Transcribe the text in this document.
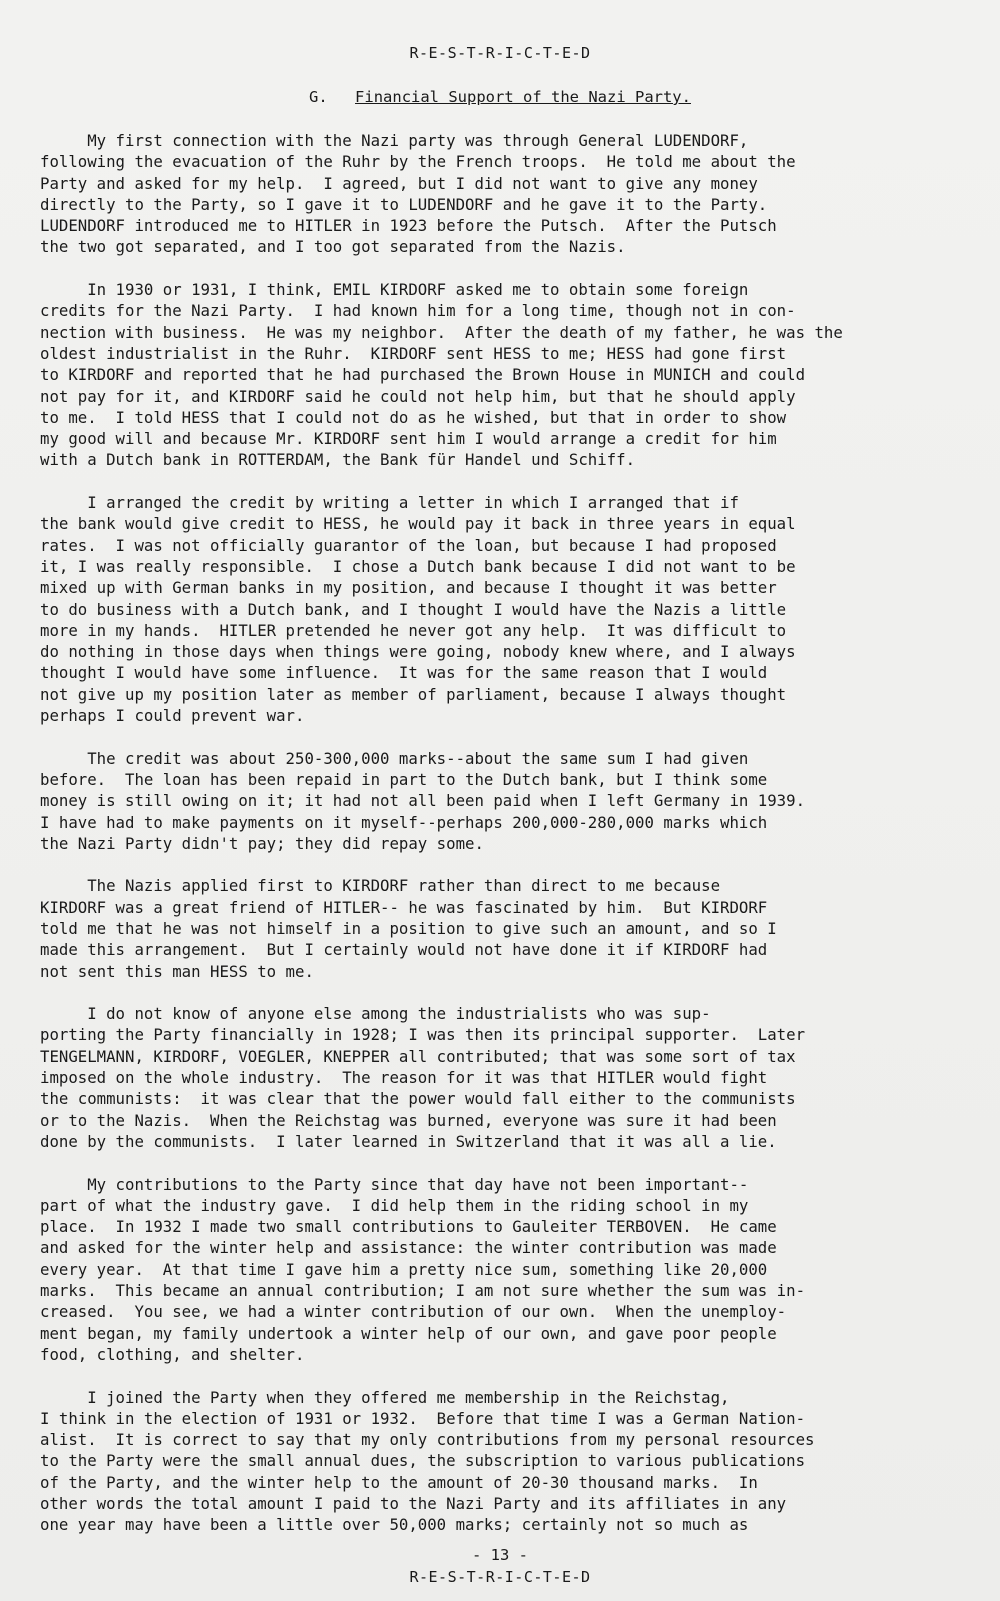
R-E-S-T-R-I-C-T-E-D
G. Financial Support of the Nazi Party.
My first connection with the Nazi party was through General LUDENDORF,
following the evacuation of the Ruhr by the French troops.  He told me about the
Party and asked for my help.  I agreed, but I did not want to give any money
directly to the Party, so I gave it to LUDENDORF and he gave it to the Party.
LUDENDORF introduced me to HITLER in 1923 before the Putsch.  After the Putsch
the two got separated, and I too got separated from the Nazis.
In 1930 or 1931, I think, EMIL KIRDORF asked me to obtain some foreign
credits for the Nazi Party.  I had known him for a long time, though not in con-
nection with business.  He was my neighbor.  After the death of my father, he was the
oldest industrialist in the Ruhr.  KIRDORF sent HESS to me; HESS had gone first
to KIRDORF and reported that he had purchased the Brown House in MUNICH and could
not pay for it, and KIRDORF said he could not help him, but that he should apply
to me.  I told HESS that I could not do as he wished, but that in order to show
my good will and because Mr. KIRDORF sent him I would arrange a credit for him
with a Dutch bank in ROTTERDAM, the Bank für Handel und Schiff.
I arranged the credit by writing a letter in which I arranged that if
the bank would give credit to HESS, he would pay it back in three years in equal
rates.  I was not officially guarantor of the loan, but because I had proposed
it, I was really responsible.  I chose a Dutch bank because I did not want to be
mixed up with German banks in my position, and because I thought it was better
to do business with a Dutch bank, and I thought I would have the Nazis a little
more in my hands.  HITLER pretended he never got any help.  It was difficult to
do nothing in those days when things were going, nobody knew where, and I always
thought I would have some influence.  It was for the same reason that I would
not give up my position later as member of parliament, because I always thought
perhaps I could prevent war.
The credit was about 250-300,000 marks--about the same sum I had given
before.  The loan has been repaid in part to the Dutch bank, but I think some
money is still owing on it; it had not all been paid when I left Germany in 1939.
I have had to make payments on it myself--perhaps 200,000-280,000 marks which
the Nazi Party didn't pay; they did repay some.
The Nazis applied first to KIRDORF rather than direct to me because
KIRDORF was a great friend of HITLER-- he was fascinated by him.  But KIRDORF
told me that he was not himself in a position to give such an amount, and so I
made this arrangement.  But I certainly would not have done it if KIRDORF had
not sent this man HESS to me.
I do not know of anyone else among the industrialists who was sup-
porting the Party financially in 1928; I was then its principal supporter.  Later
TENGELMANN, KIRDORF, VOEGLER, KNEPPER all contributed; that was some sort of tax
imposed on the whole industry.  The reason for it was that HITLER would fight
the communists:  it was clear that the power would fall either to the communists
or to the Nazis.  When the Reichstag was burned, everyone was sure it had been
done by the communists.  I later learned in Switzerland that it was all a lie.
My contributions to the Party since that day have not been important--
part of what the industry gave.  I did help them in the riding school in my
place.  In 1932 I made two small contributions to Gauleiter TERBOVEN.  He came
and asked for the winter help and assistance: the winter contribution was made
every year.  At that time I gave him a pretty nice sum, something like 20,000
marks.  This became an annual contribution; I am not sure whether the sum was in-
creased.  You see, we had a winter contribution of our own.  When the unemploy-
ment began, my family undertook a winter help of our own, and gave poor people
food, clothing, and shelter.
I joined the Party when they offered me membership in the Reichstag,
I think in the election of 1931 or 1932.  Before that time I was a German Nation-
alist.  It is correct to say that my only contributions from my personal resources
to the Party were the small annual dues, the subscription to various publications
of the Party, and the winter help to the amount of 20-30 thousand marks.  In
other words the total amount I paid to the Nazi Party and its affiliates in any
one year may have been a little over 50,000 marks; certainly not so much as
- 13 -
R-E-S-T-R-I-C-T-E-D
